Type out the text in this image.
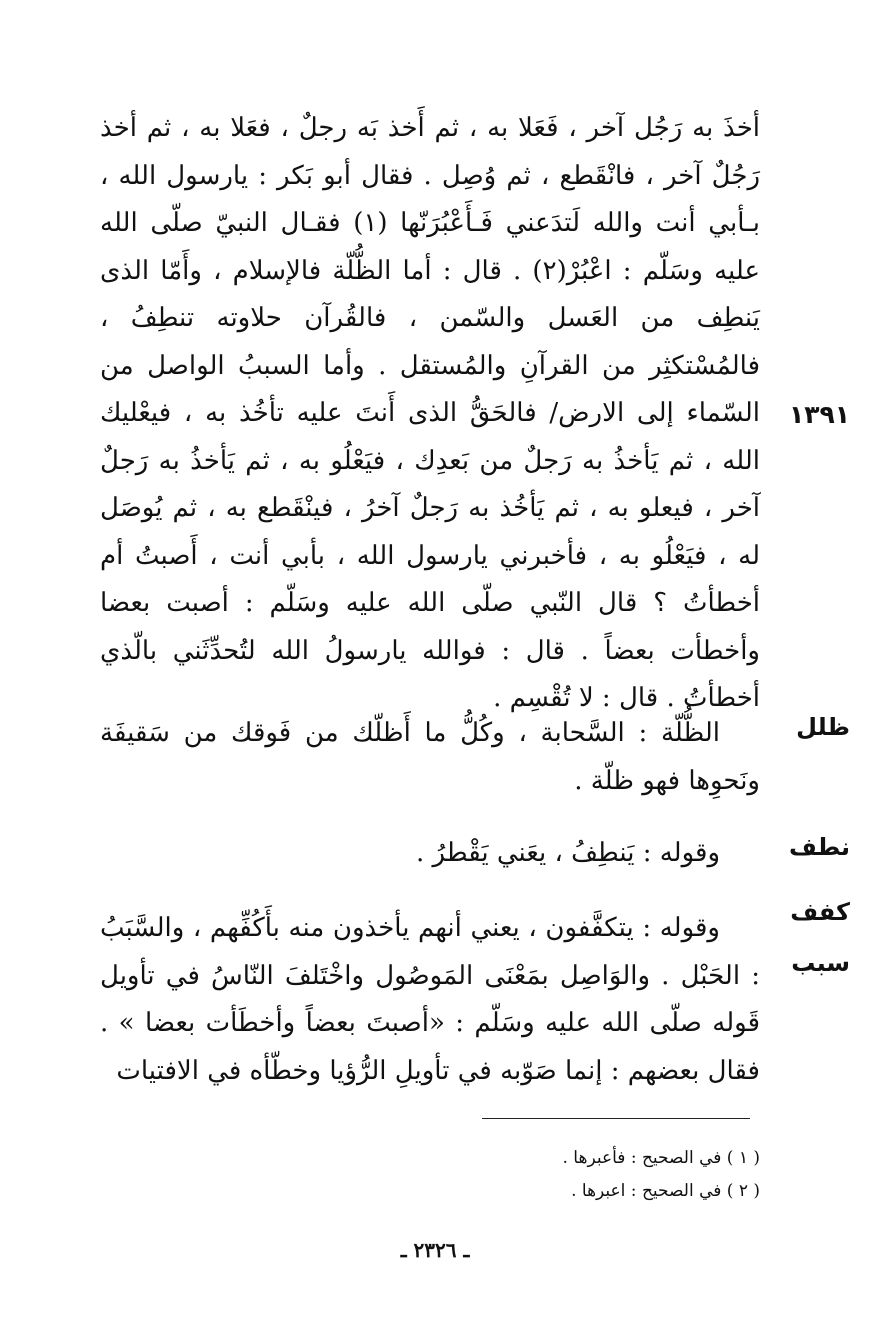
أخذَ به رَجُل آخر ، فَعَلا به ، ثم أَخذ بَه رجلٌ ، فعَلا به ، ثم أخذ رَجُلٌ آخر ، فانْقَطع ، ثم وُصِل . فقال أبو بَكر : يارسول الله ، بـأبي أنت والله لَتدَعني فَـأَعْبُرَنّها (١) فقـال النبيّ صلّى الله عليه وسَلّم : اعْبُرْ(٢) . قال : أما الظُّلّة فالإسلام ، وأَمّا الذى يَنطِف من العَسل والسّمن ، فالقُرآن حلاوته تنطِفُ ، فالمُسْتكثِر من القرآنِ والمُستقل . وأما السببُ الواصل من السّماء إلى الارض/ فالحَقُّ الذى أَنتَ عليه تأخُذ به ، فيعْليك الله ، ثم يَأخذُ به رَجلٌ من بَعدِك ، فيَعْلُو به ، ثم يَأخذُ به رَجلٌ آخر ، فيعلو به ، ثم يَأخُذ به رَجلٌ آخرُ ، فينْقَطع به ، ثم يُوصَل له ، فيَعْلُو به ، فأخبرني يارسول الله ، بأبي أنت ، أَصبتُ أم أخطأتُ ؟ قال النّبي صلّى الله عليه وسَلّم : أصبت بعضا وأخطأت بعضاً . قال : فوالله يارسولُ الله لتُحدِّثَني بالّذي أخطأتُ . قال : لا تُقْسِم .

الظُّلّة : السَّحابة ، وكُلُّ ما أَظلّك من فَوقك من سَقيفَة ونَحوِها فهو ظلّة .

وقوله : يَنطِفُ ، يعَني يَقْطرُ .

وقوله : يتكفَّفون ، يعني أنهم يأخذون منه بأَكُفِّهم ، والسَّبَبُ : الحَبْل . والوَاصِل بمَعْنَى المَوصُول واخْتَلفَ النّاسُ في تأويل قَوله صلّى الله عليه وسَلّم : «أصبتَ بعضاً وأخطَأت بعضا » . فقال بعضهم : إنما صَوّبه في تأويلِ الرُّؤيا وخطّأه في الافتيات

١٣٩١
ظلل
نطف
كفف
سبب
( ١ ) في الصحيح : فأعبرها .
( ٢ ) في الصحيح : اعبرها .
ـ ٢٣٢٦ ـ
